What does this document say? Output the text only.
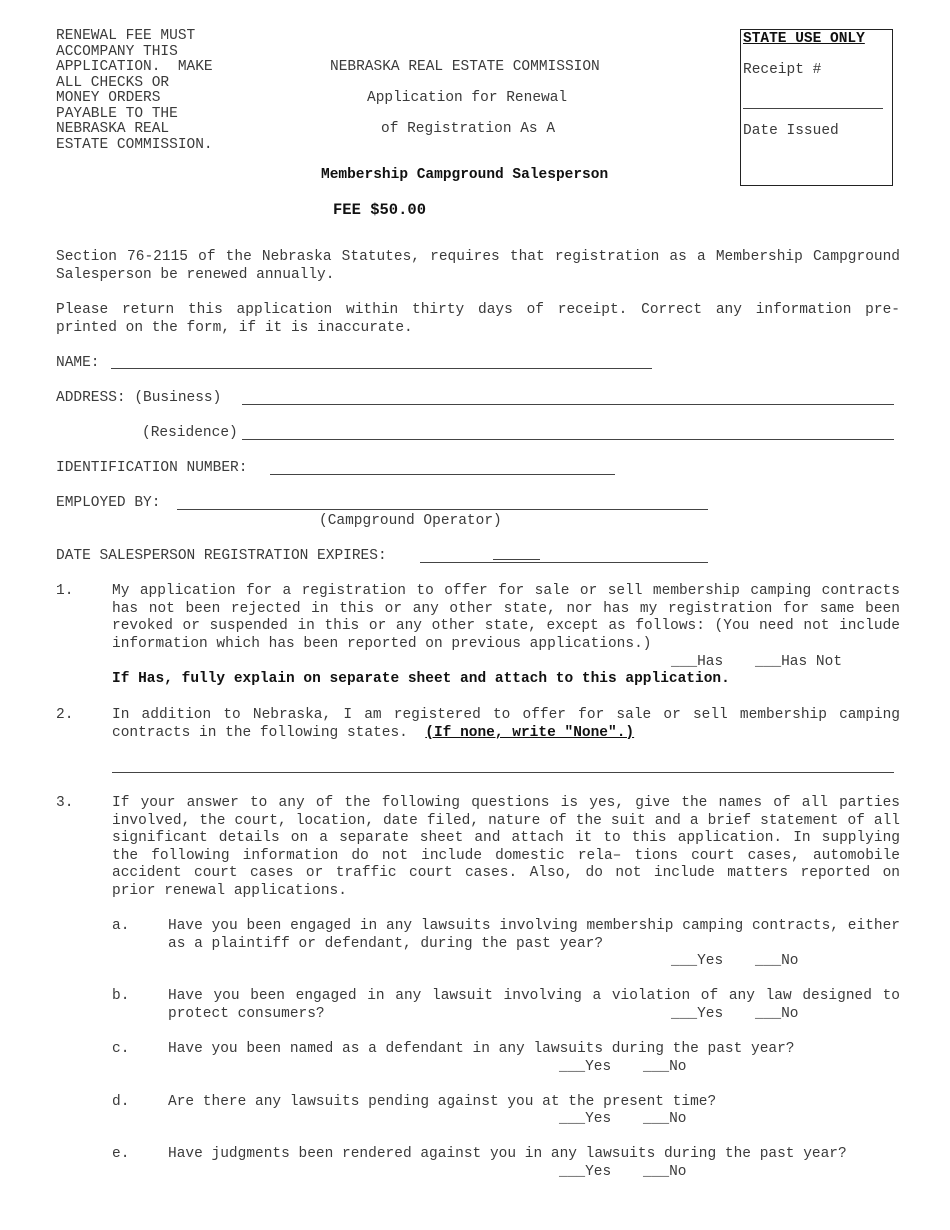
RENEWAL FEE MUST
ACCOMPANY THIS
APPLICATION.  MAKE
ALL CHECKS OR
MONEY ORDERS
PAYABLE TO THE
NEBRASKA REAL
ESTATE COMMISSION.
NEBRASKA REAL ESTATE COMMISSION
Application for Renewal
of Registration As A
Membership Campground Salesperson
FEE $50.00
STATE USE ONLY
Receipt #
Date Issued
Section 76-2115 of the Nebraska Statutes, requires that registration as a Membership Campground Salesperson be renewed annually.
Please return this application within thirty days of receipt. Correct any information pre-printed on the form, if it is inaccurate.
NAME:
ADDRESS: (Business)
(Residence)
IDENTIFICATION NUMBER:
EMPLOYED BY:
(Campground Operator)
DATE SALESPERSON REGISTRATION EXPIRES:
1.	My application for a registration to offer for sale or sell membership camping contracts has not been rejected in this or any other state, nor has my registration for same been revoked or suspended in this or any other state, except as follows: (You need not include information which has been reported on previous applications.)
___Has ___Has Not
If Has, fully explain on separate sheet and attach to this application.
2.	In addition to Nebraska, I am registered to offer for sale or sell membership camping contracts in the following states. (If none, write "None".)
3.	If your answer to any of the following questions is yes, give the names of all parties involved, the court, location, date filed, nature of the suit and a brief statement of all significant details on a separate sheet and attach it to this application. In supplying the following information do not include domestic rela– tions court cases, automobile accident court cases or traffic court cases. Also, do not include matters reported on prior renewal applications.
a.	Have you been engaged in any lawsuits involving membership camping contracts, either as a plaintiff or defendant, during the past year?
___Yes ___No
b.	Have you been engaged in any lawsuit involving a violation of any law designed to protect consumers?	___Yes ___No
c.	Have you been named as a defendant in any lawsuits during the past year?
___Yes ___No
d.	Are there any lawsuits pending against you at the present time?
___Yes ___No
e.	Have judgments been rendered against you in any lawsuits during the past year?
___Yes ___No
